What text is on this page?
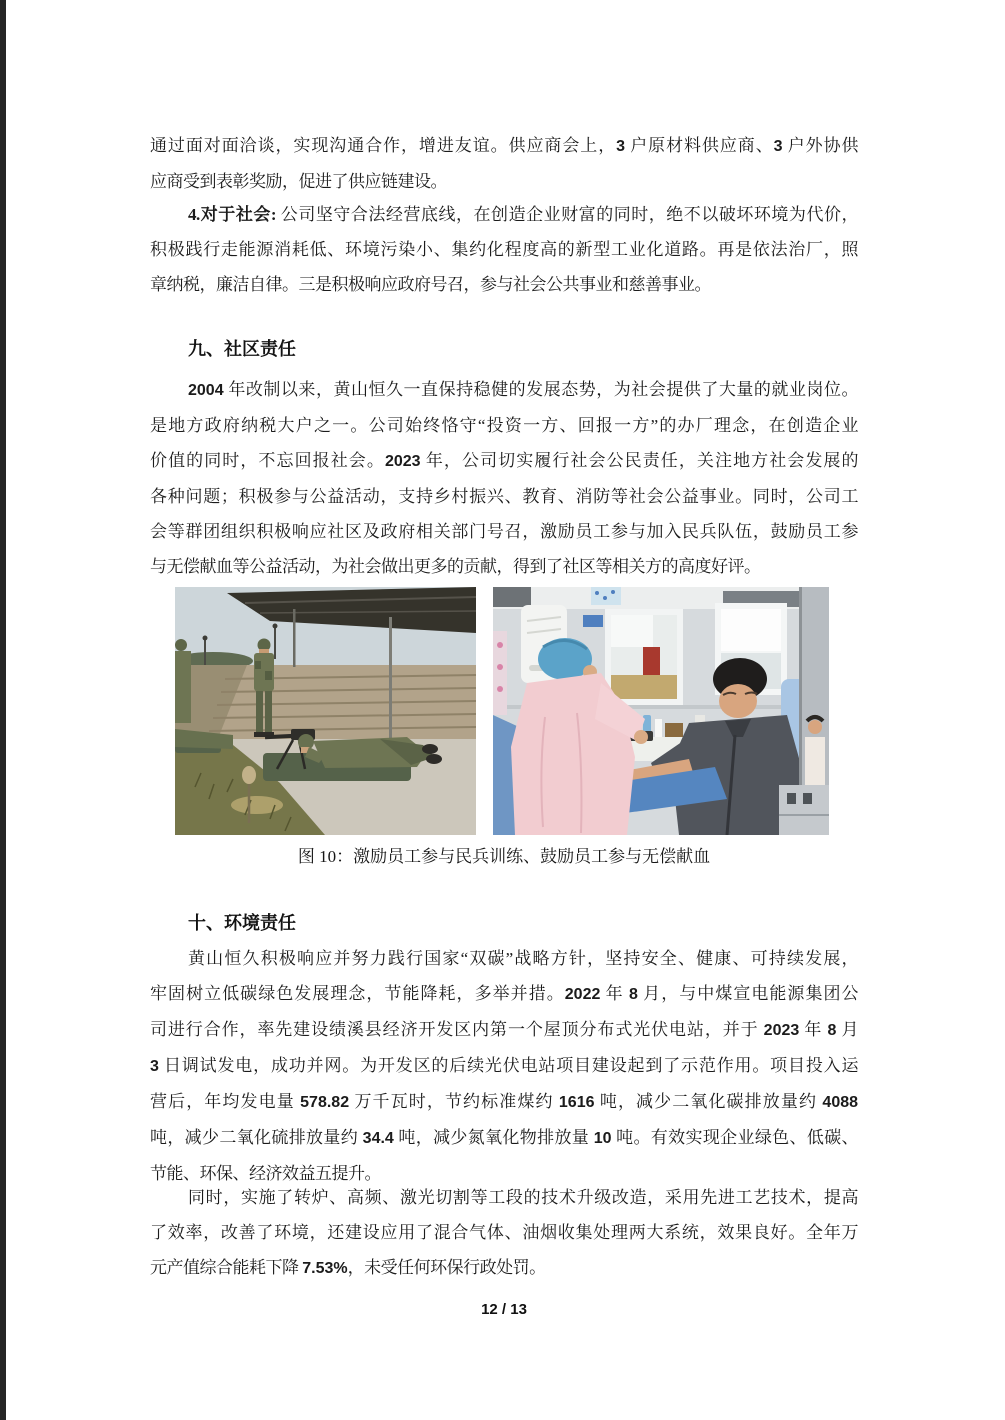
通过面对面洽谈，实现沟通合作，增进友谊。供应商会上，3 户原材料供应商、3 户外协供
应商受到表彰奖励，促进了供应链建设。
4.对于社会: 公司坚守合法经营底线，在创造企业财富的同时，绝不以破坏环境为代价，
积极践行走能源消耗低、环境污染小、集约化程度高的新型工业化道路。再是依法治厂，照
章纳税，廉洁自律。三是积极响应政府号召，参与社会公共事业和慈善事业。
九、社区责任
2004 年改制以来，黄山恒久一直保持稳健的发展态势，为社会提供了大量的就业岗位。
是地方政府纳税大户之一。公司始终恪守“投资一方、回报一方”的办厂理念，在创造企业
价值的同时，不忘回报社会。2023 年，公司切实履行社会公民责任，关注地方社会发展的
各种问题；积极参与公益活动，支持乡村振兴、教育、消防等社会公益事业。同时，公司工
会等群团组织积极响应社区及政府相关部门号召，激励员工参与加入民兵队伍，鼓励员工参
与无偿献血等公益活动，为社会做出更多的贡献，得到了社区等相关方的高度好评。
图 10：激励员工参与民兵训练、鼓励员工参与无偿献血
十、环境责任
黄山恒久积极响应并努力践行国家“双碳”战略方针，坚持安全、健康、可持续发展，
牢固树立低碳绿色发展理念，节能降耗，多举并措。2022 年 8 月，与中煤宣电能源集团公
司进行合作，率先建设绩溪县经济开发区内第一个屋顶分布式光伏电站，并于 2023 年 8 月
3 日调试发电，成功并网。为开发区的后续光伏电站项目建设起到了示范作用。项目投入运
营后，年均发电量 578.82 万千瓦时，节约标准煤约 1616 吨，减少二氧化碳排放量约 4088
吨，减少二氧化硫排放量约 34.4 吨，减少氮氧化物排放量 10 吨。有效实现企业绿色、低碳、
节能、环保、经济效益五提升。
同时，实施了转炉、高频、激光切割等工段的技术升级改造，采用先进工艺技术，提高
了效率，改善了环境，还建设应用了混合气体、油烟收集处理两大系统，效果良好。全年万
元产值综合能耗下降 7.53%，未受任何环保行政处罚。
12 / 13
